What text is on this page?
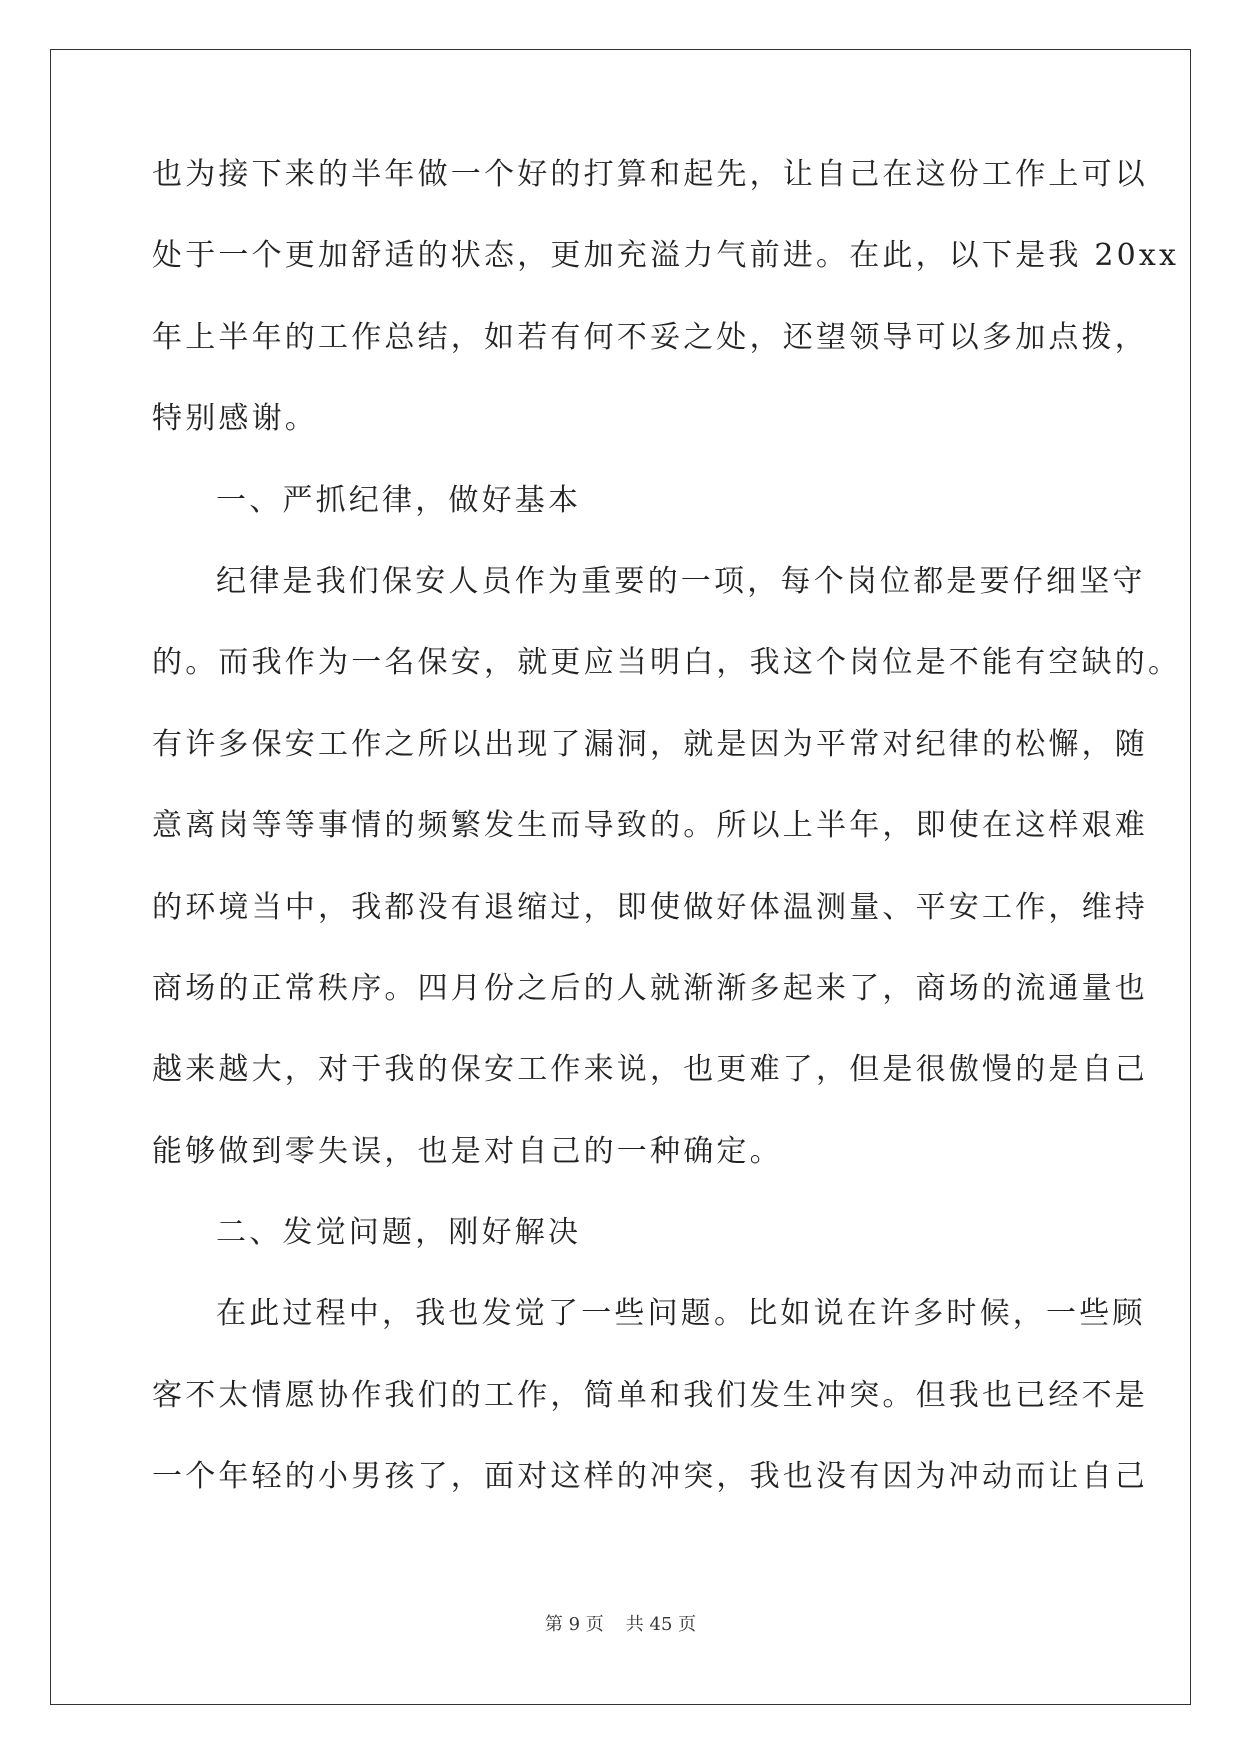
也为接下来的半年做一个好的打算和起先，让自己在这份工作上可以
处于一个更加舒适的状态，更加充溢力气前进。在此，以下是我 20xx
年上半年的工作总结，如若有何不妥之处，还望领导可以多加点拨，
特别感谢。
一、严抓纪律，做好基本
纪律是我们保安人员作为重要的一项，每个岗位都是要仔细坚守
的。而我作为一名保安，就更应当明白，我这个岗位是不能有空缺的。
有许多保安工作之所以出现了漏洞，就是因为平常对纪律的松懈，随
意离岗等等事情的频繁发生而导致的。所以上半年，即使在这样艰难
的环境当中，我都没有退缩过，即使做好体温测量、平安工作，维持
商场的正常秩序。四月份之后的人就渐渐多起来了，商场的流通量也
越来越大，对于我的保安工作来说，也更难了，但是很傲慢的是自己
能够做到零失误，也是对自己的一种确定。
二、发觉问题，刚好解决
在此过程中，我也发觉了一些问题。比如说在许多时候，一些顾
客不太情愿协作我们的工作，简单和我们发生冲突。但我也已经不是
一个年轻的小男孩了，面对这样的冲突，我也没有因为冲动而让自己
第 9 页 共 45 页
